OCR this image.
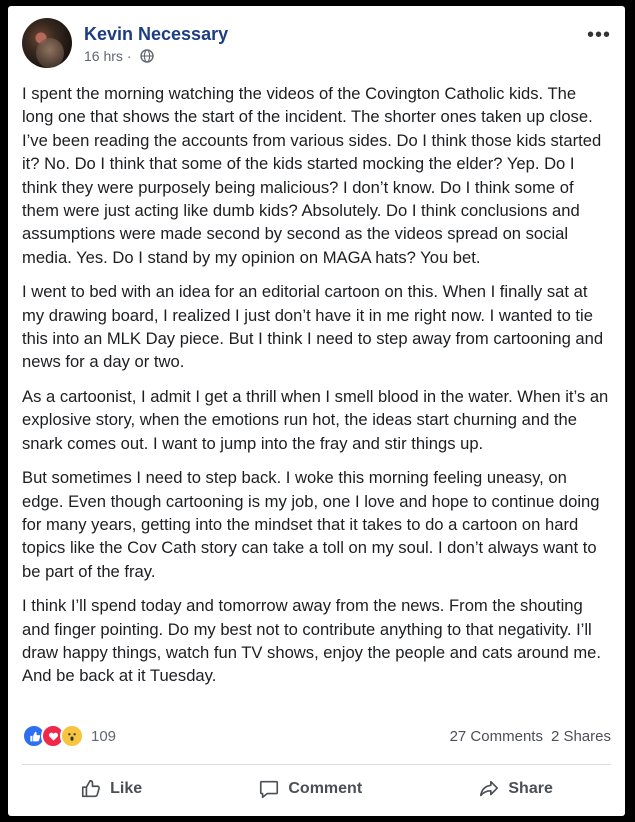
Kevin Necessary
16 hrs ·
•••

I spent the morning watching the videos of the Covington Catholic kids. The long one that shows the start of the incident. The shorter ones taken up close. I’ve been reading the accounts from various sides. Do I think those kids started it? No. Do I think that some of the kids started mocking the elder? Yep. Do I think they were purposely being malicious? I don’t know. Do I think some of them were just acting like dumb kids? Absolutely. Do I think conclusions and assumptions were made second by second as the videos spread on social media. Yes. Do I stand by my opinion on MAGA hats? You bet.

I went to bed with an idea for an editorial cartoon on this. When I finally sat at my drawing board, I realized I just don’t have it in me right now. I wanted to tie this into an MLK Day piece. But I think I need to step away from cartooning and news for a day or two.

As a cartoonist, I admit I get a thrill when I smell blood in the water. When it’s an explosive story, when the emotions run hot, the ideas start churning and the snark comes out. I want to jump into the fray and stir things up.

But sometimes I need to step back. I woke this morning feeling uneasy, on edge. Even though cartooning is my job, one I love and hope to continue doing for many years, getting into the mindset that it takes to do a cartoon on hard topics like the Cov Cath story can take a toll on my soul. I don’t always want to be part of the fray.

I think I’ll spend today and tomorrow away from the news. From the shouting and finger pointing. Do my best not to contribute anything to that negativity. I’ll draw happy things, watch fun TV shows, enjoy the people and cats around me. And be back at it Tuesday.

109	27 Comments 2 Shares
Like	Comment	Share
